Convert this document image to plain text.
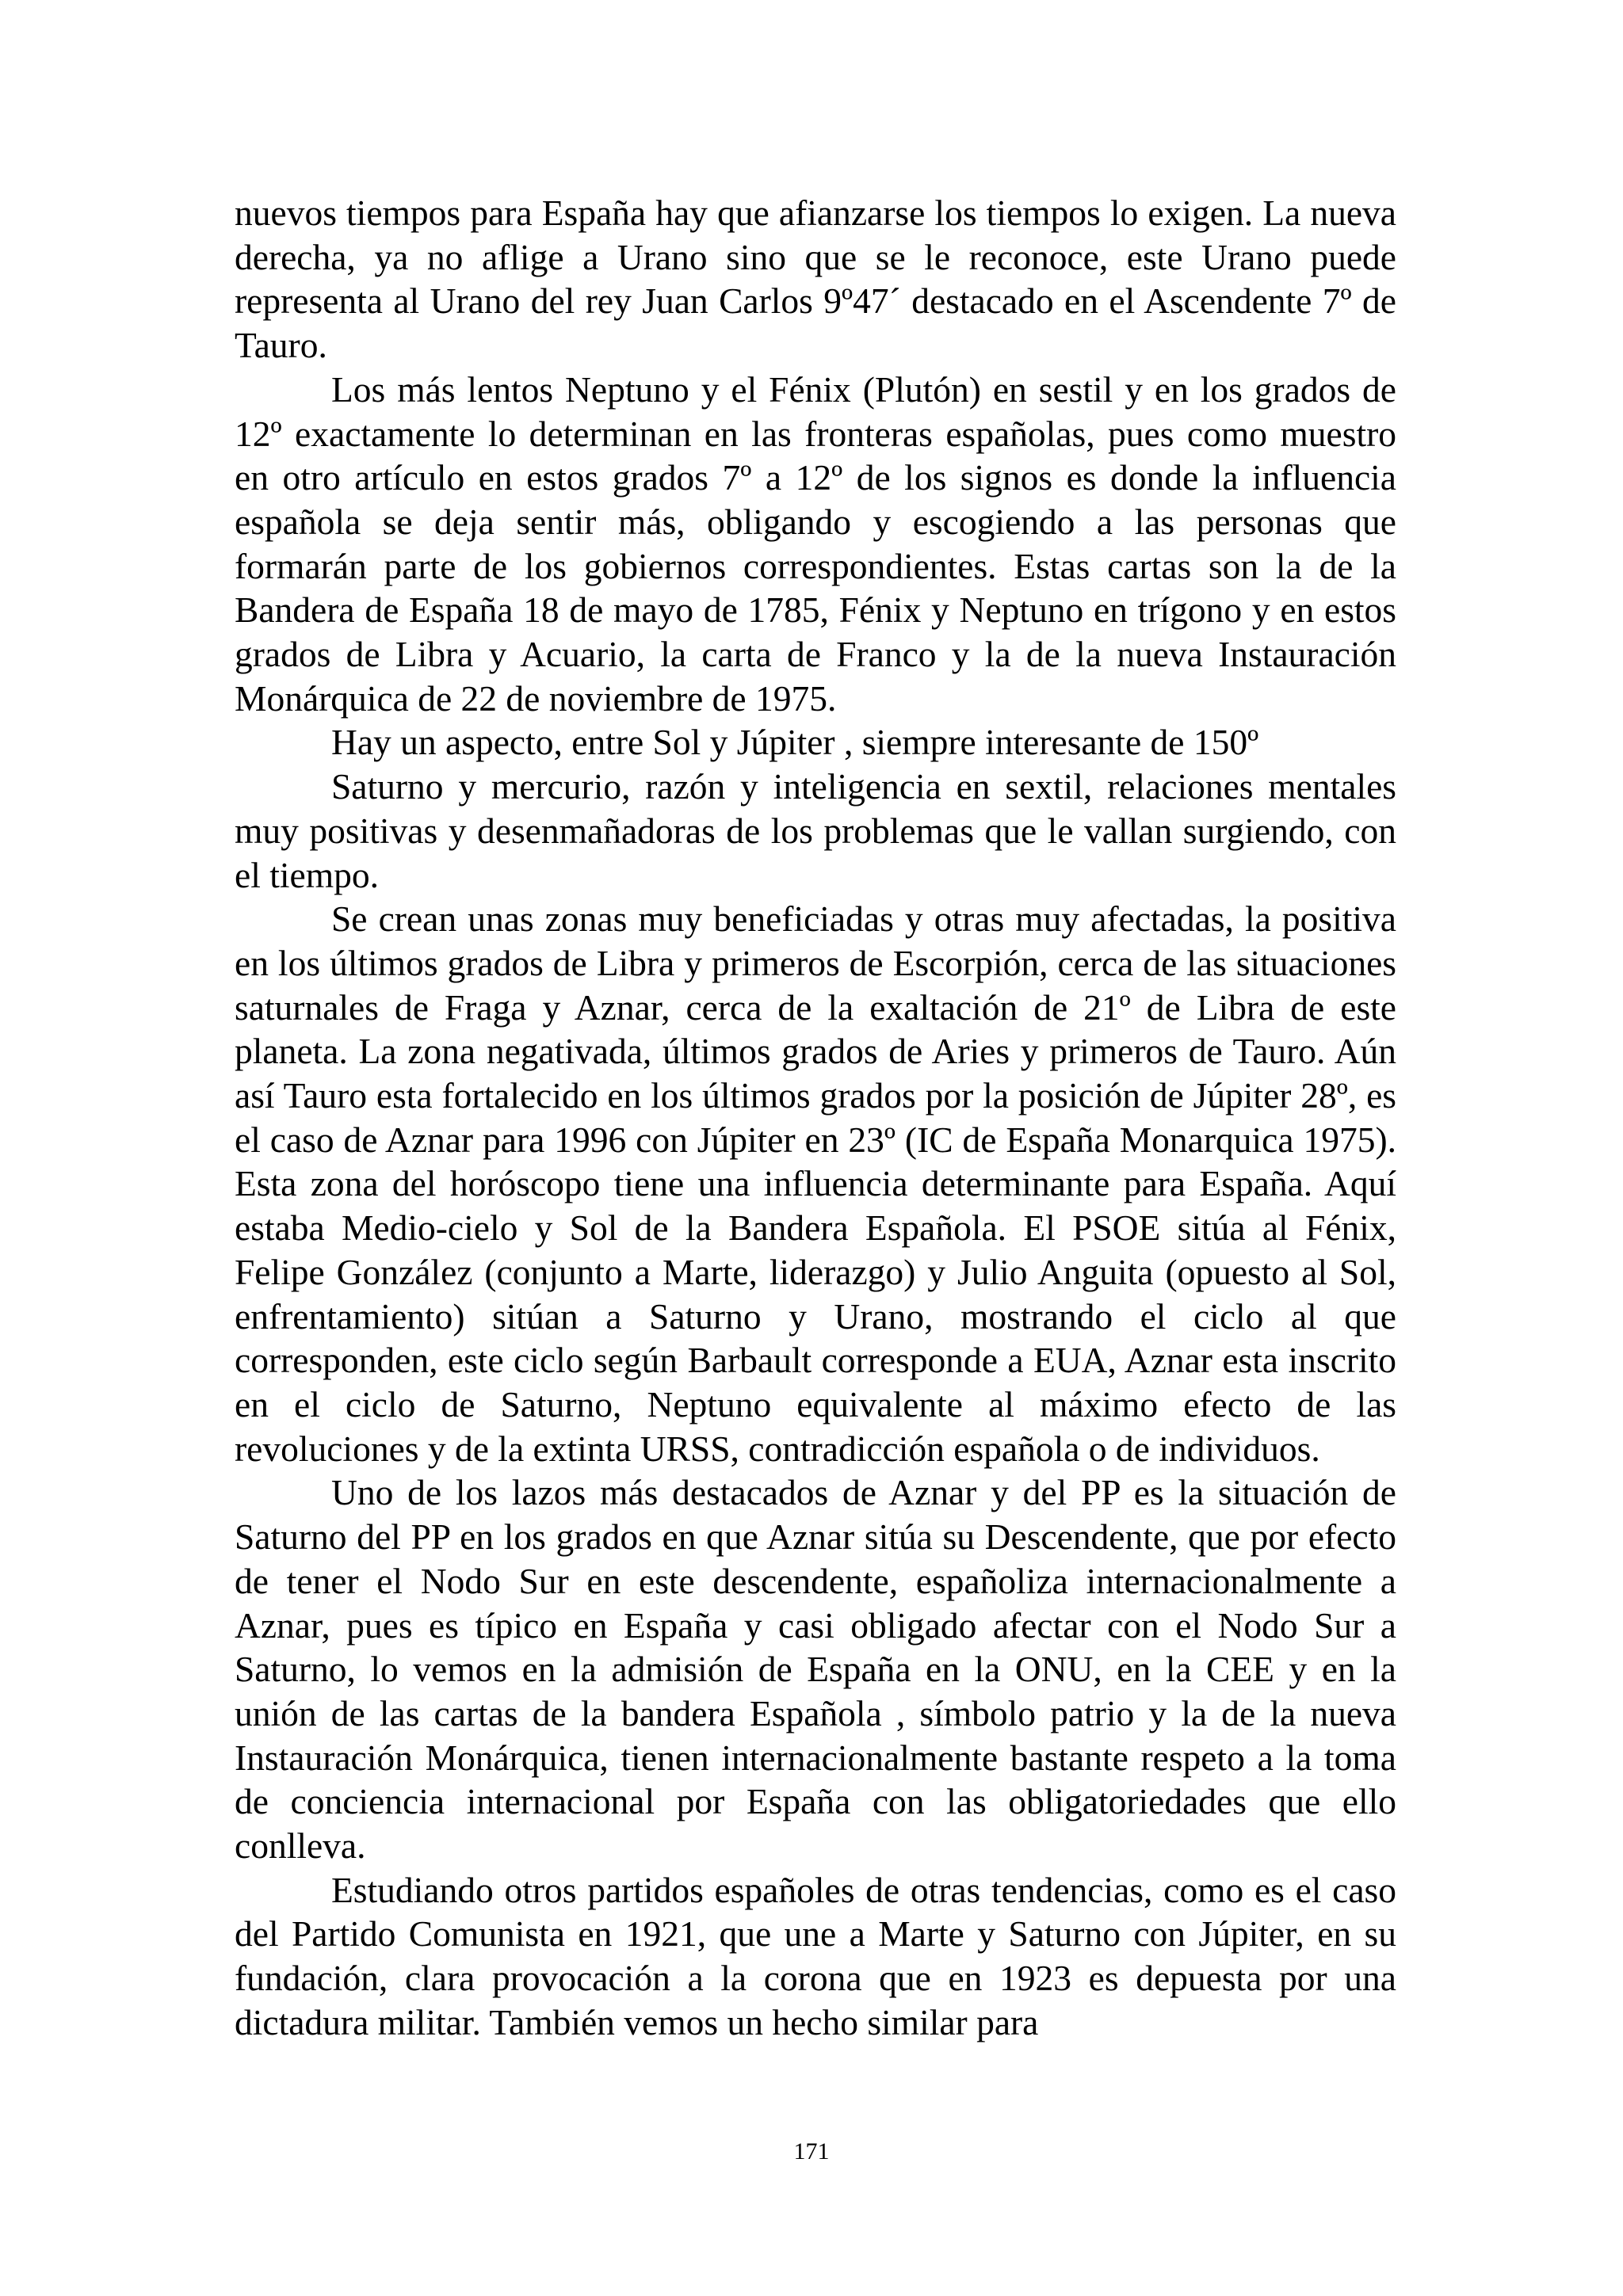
nuevos tiempos para España hay que afianzarse los tiempos lo exigen. La nueva derecha, ya no aflige a Urano sino que se le reconoce, este Urano puede representa al Urano del rey Juan Carlos 9º47´ destacado en el Ascendente 7º de Tauro.

Los más lentos Neptuno y el Fénix (Plutón) en sestil y en los grados de 12º exactamente lo determinan en las fronteras españolas, pues como muestro en otro artículo en estos grados 7º a 12º de los signos es donde la influencia española se deja sentir más, obligando y escogiendo a las personas que formarán parte de los gobiernos correspondientes. Estas cartas son la de la Bandera de España 18 de mayo de 1785, Fénix y Neptuno en trígono y en estos grados de Libra y Acuario, la carta de Franco y la de la nueva Instauración Monárquica de 22 de noviembre de 1975.

Hay un aspecto, entre Sol y Júpiter , siempre interesante de 150º

Saturno y mercurio, razón y inteligencia en sextil, relaciones mentales muy positivas y desenmañadoras de los problemas que le vallan surgiendo, con el tiempo.

Se crean unas zonas muy beneficiadas y otras muy afectadas, la positiva en los últimos grados de Libra y primeros de Escorpión, cerca de las situaciones saturnales de Fraga y Aznar, cerca de la exaltación de 21º de Libra de este planeta. La zona negativada, últimos grados de Aries y primeros de Tauro. Aún así Tauro esta fortalecido en los últimos grados por la posición de Júpiter 28º, es el caso de Aznar para 1996 con Júpiter en 23º (IC de España Monarquica 1975). Esta zona del horóscopo tiene una influencia determinante para España. Aquí estaba Medio-cielo y Sol de la Bandera Española. El PSOE sitúa al Fénix, Felipe González (conjunto a Marte, liderazgo) y Julio Anguita (opuesto al Sol, enfrentamiento) sitúan a Saturno y Urano, mostrando el ciclo al que corresponden, este ciclo según Barbault corresponde a EUA, Aznar esta inscrito en el ciclo de Saturno, Neptuno equivalente al máximo efecto de las revoluciones y de la extinta URSS, contradicción española o de individuos.

Uno de los lazos más destacados de Aznar y del PP es la situación de Saturno del PP en los grados en que Aznar sitúa su Descendente, que por efecto de tener el Nodo Sur en este descendente, españoliza internacionalmente a Aznar, pues es típico en España y casi obligado afectar con el Nodo Sur a Saturno, lo vemos en la admisión de España en la ONU, en la CEE y en la unión de las cartas de la bandera Española , símbolo patrio y la de la nueva Instauración Monárquica, tienen internacionalmente bastante respeto a la toma de conciencia internacional por España con las obligatoriedades que ello conlleva.

Estudiando otros partidos españoles de otras tendencias, como es el caso del Partido Comunista en 1921, que une a Marte y Saturno con Júpiter, en su fundación, clara provocación a la corona que en 1923 es depuesta por una dictadura militar. También vemos un hecho similar para

171
